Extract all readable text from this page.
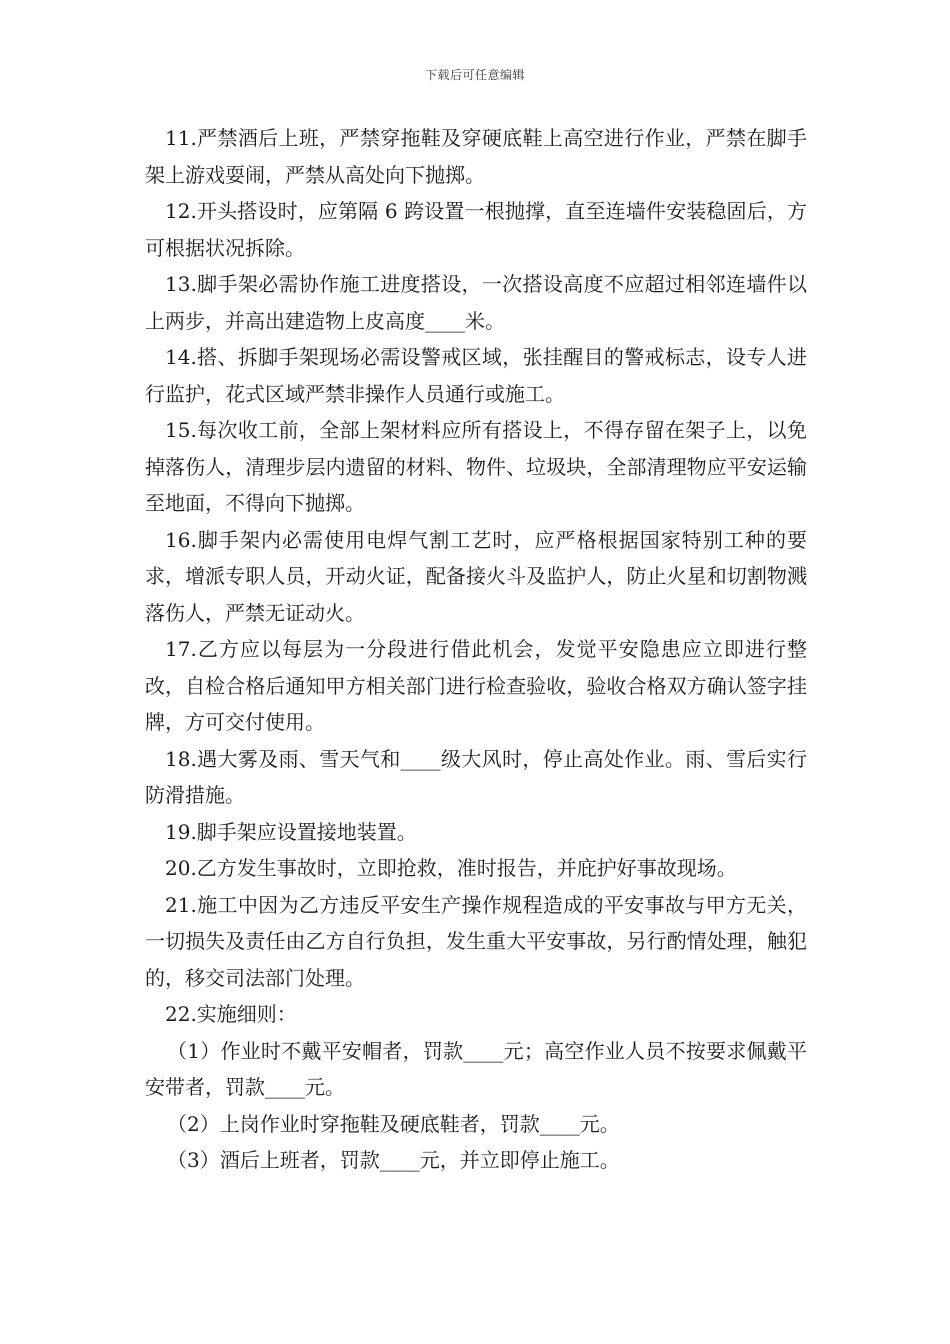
下载后可任意编辑

11.严禁酒后上班，严禁穿拖鞋及穿硬底鞋上高空进行作业，严禁在脚手架上游戏耍闹，严禁从高处向下抛掷。

12.开头搭设时，应第隔 6 跨设置一根抛撑，直至连墙件安装稳固后，方可根据状况拆除。

13.脚手架必需协作施工进度搭设，一次搭设高度不应超过相邻连墙件以上两步，并高出建造物上皮高度____米。

14.搭、拆脚手架现场必需设警戒区域，张挂醒目的警戒标志，设专人进行监护，花式区域严禁非操作人员通行或施工。

15.每次收工前，全部上架材料应所有搭设上，不得存留在架子上，以免掉落伤人，清理步层内遗留的材料、物件、垃圾块，全部清理物应平安运输至地面，不得向下抛掷。

16.脚手架内必需使用电焊气割工艺时，应严格根据国家特别工种的要求，增派专职人员，开动火证，配备接火斗及监护人，防止火星和切割物溅落伤人，严禁无证动火。

17.乙方应以每层为一分段进行借此机会，发觉平安隐患应立即进行整改，自检合格后通知甲方相关部门进行检查验收，验收合格双方确认签字挂牌，方可交付使用。

18.遇大雾及雨、雪天气和____级大风时，停止高处作业。雨、雪后实行防滑措施。

19.脚手架应设置接地装置。

20.乙方发生事故时，立即抢救，准时报告，并庇护好事故现场。

21.施工中因为乙方违反平安生产操作规程造成的平安事故与甲方无关，一切损失及责任由乙方自行负担，发生重大平安事故，另行酌情处理，触犯的，移交司法部门处理。

22.实施细则：

（1）作业时不戴平安帽者，罚款____元；高空作业人员不按要求佩戴平安带者，罚款____元。

（2）上岗作业时穿拖鞋及硬底鞋者，罚款____元。

（3）酒后上班者，罚款____元，并立即停止施工。
